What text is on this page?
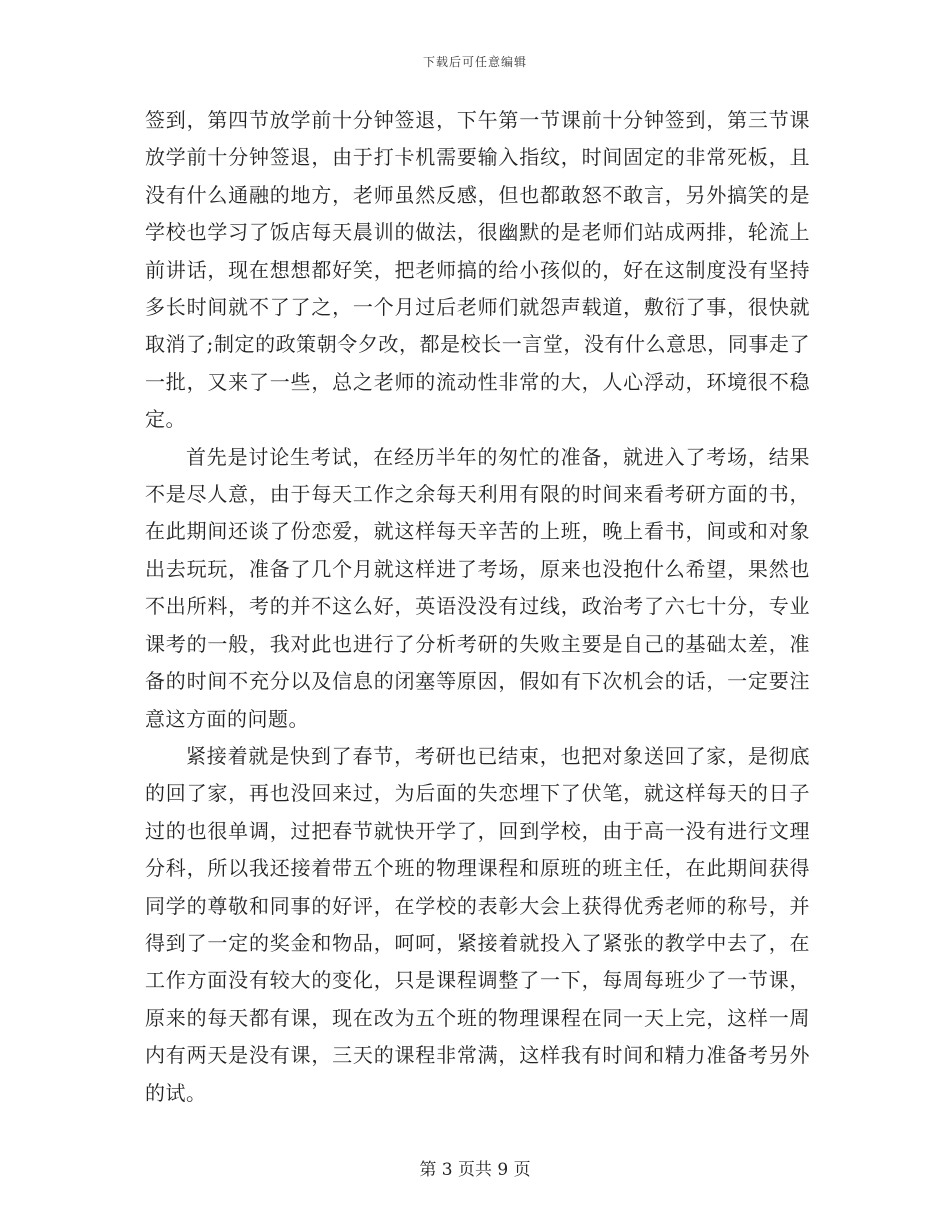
下载后可任意编辑

签到，第四节放学前十分钟签退，下午第一节课前十分钟签到，第三节课放学前十分钟签退，由于打卡机需要输入指纹，时间固定的非常死板，且没有什么通融的地方，老师虽然反感，但也都敢怒不敢言，另外搞笑的是学校也学习了饭店每天晨训的做法，很幽默的是老师们站成两排，轮流上前讲话，现在想想都好笑，把老师搞的给小孩似的，好在这制度没有坚持多长时间就不了了之，一个月过后老师们就怨声载道，敷衍了事，很快就取消了;制定的政策朝令夕改，都是校长一言堂，没有什么意思，同事走了一批，又来了一些，总之老师的流动性非常的大，人心浮动，环境很不稳定。

首先是讨论生考试，在经历半年的匆忙的准备，就进入了考场，结果不是尽人意，由于每天工作之余每天利用有限的时间来看考研方面的书，在此期间还谈了份恋爱，就这样每天辛苦的上班，晚上看书，间或和对象出去玩玩，准备了几个月就这样进了考场，原来也没抱什么希望，果然也不出所料，考的并不这么好，英语没没有过线，政治考了六七十分，专业课考的一般，我对此也进行了分析考研的失败主要是自己的基础太差，准备的时间不充分以及信息的闭塞等原因，假如有下次机会的话，一定要注意这方面的问题。

紧接着就是快到了春节，考研也已结束，也把对象送回了家，是彻底的回了家，再也没回来过，为后面的失恋埋下了伏笔，就这样每天的日子过的也很单调，过把春节就快开学了，回到学校，由于高一没有进行文理分科，所以我还接着带五个班的物理课程和原班的班主任，在此期间获得同学的尊敬和同事的好评，在学校的表彰大会上获得优秀老师的称号，并得到了一定的奖金和物品，呵呵，紧接着就投入了紧张的教学中去了，在工作方面没有较大的变化，只是课程调整了一下，每周每班少了一节课，原来的每天都有课，现在改为五个班的物理课程在同一天上完，这样一周内有两天是没有课，三天的课程非常满，这样我有时间和精力准备考另外的试。

第 3 页共 9 页
